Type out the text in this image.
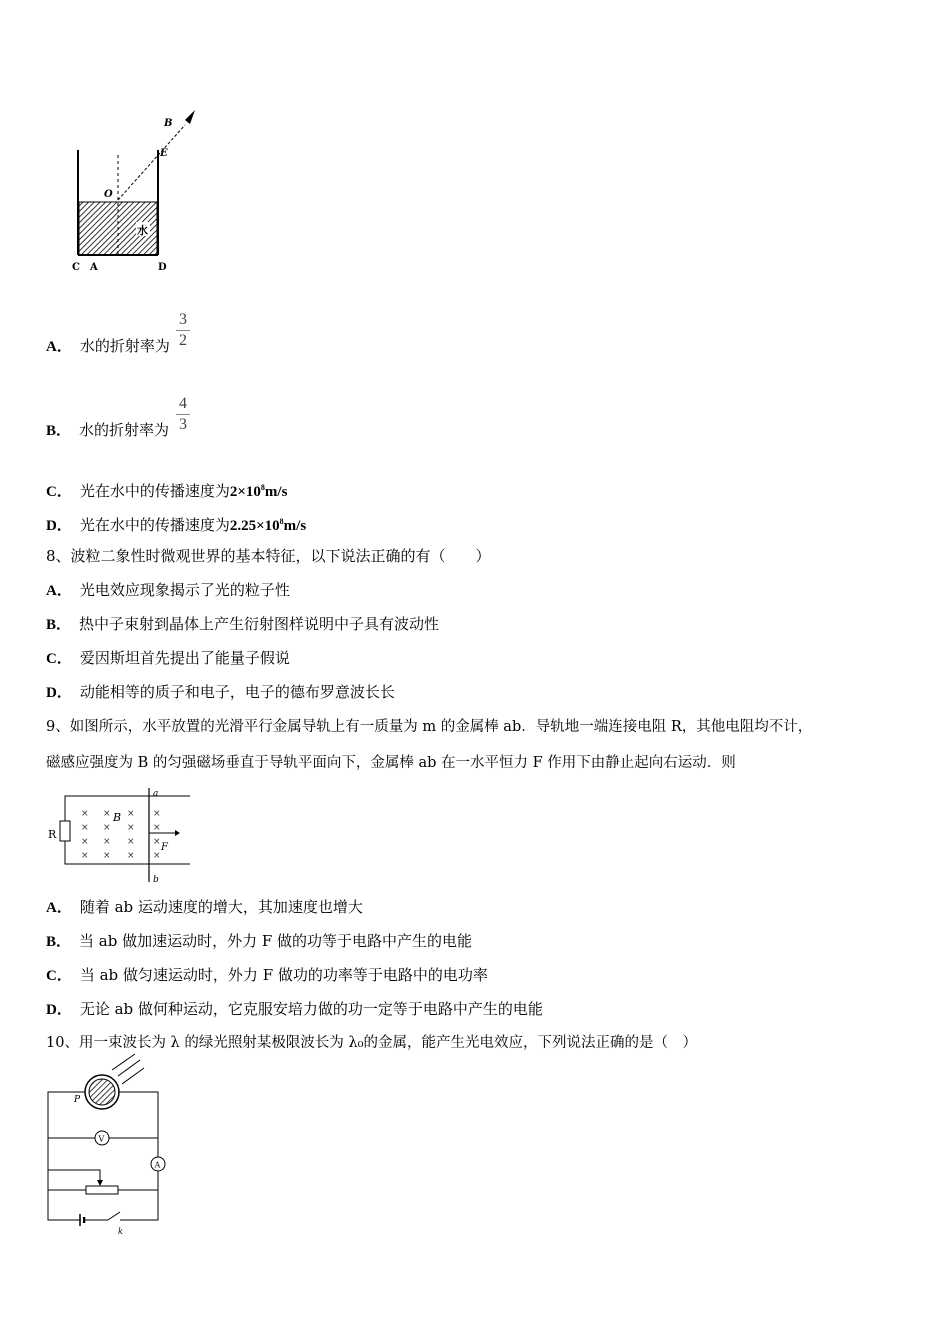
B
E
O
C A	D
水
A． 水的折射率为 $\frac{3}{2}$
B． 水的折射率为 $\frac{4}{3}$
C． 光在水中的传播速度为$2\times 10^8m/s$
D． 光在水中的传播速度为$2.25\times 10^8m/s$
8、波粒二象性时微观世界的基本特征，以下说法正确的有（　　）
A． 光电效应现象揭示了光的粒子性
B． 热中子束射到晶体上产生衍射图样说明中子具有波动性
C． 爱因斯坦首先提出了能量子假说
D． 动能相等的质子和电子，电子的德布罗意波长长
9、如图所示，水平放置的光滑平行金属导轨上有一质量为 m 的金属棒 ab．导轨地一端连接电阻 R，其他电阻均不计，
磁感应强度为 B 的匀强磁场垂直于导轨平面向下，金属棒 ab 在一水平恒力 F 作用下由静止起向右运动．则
R
× × × ×
× × × ×
× × × ×
× × × ×
B
a
b
F
A． 随着 ab 运动速度的增大，其加速度也增大
B． 当 ab 做加速运动时，外力 F 做的功等于电路中产生的电能
C． 当 ab 做匀速运动时，外力 F 做功的功率等于电路中的电功率
D． 无论 ab 做何种运动，它克服安培力做的功一定等于电路中产生的电能
10、用一束波长为 λ 的绿光照射某极限波长为 λ₀的金属，能产生光电效应，下列说法正确的是（　）
P
V
A
k
